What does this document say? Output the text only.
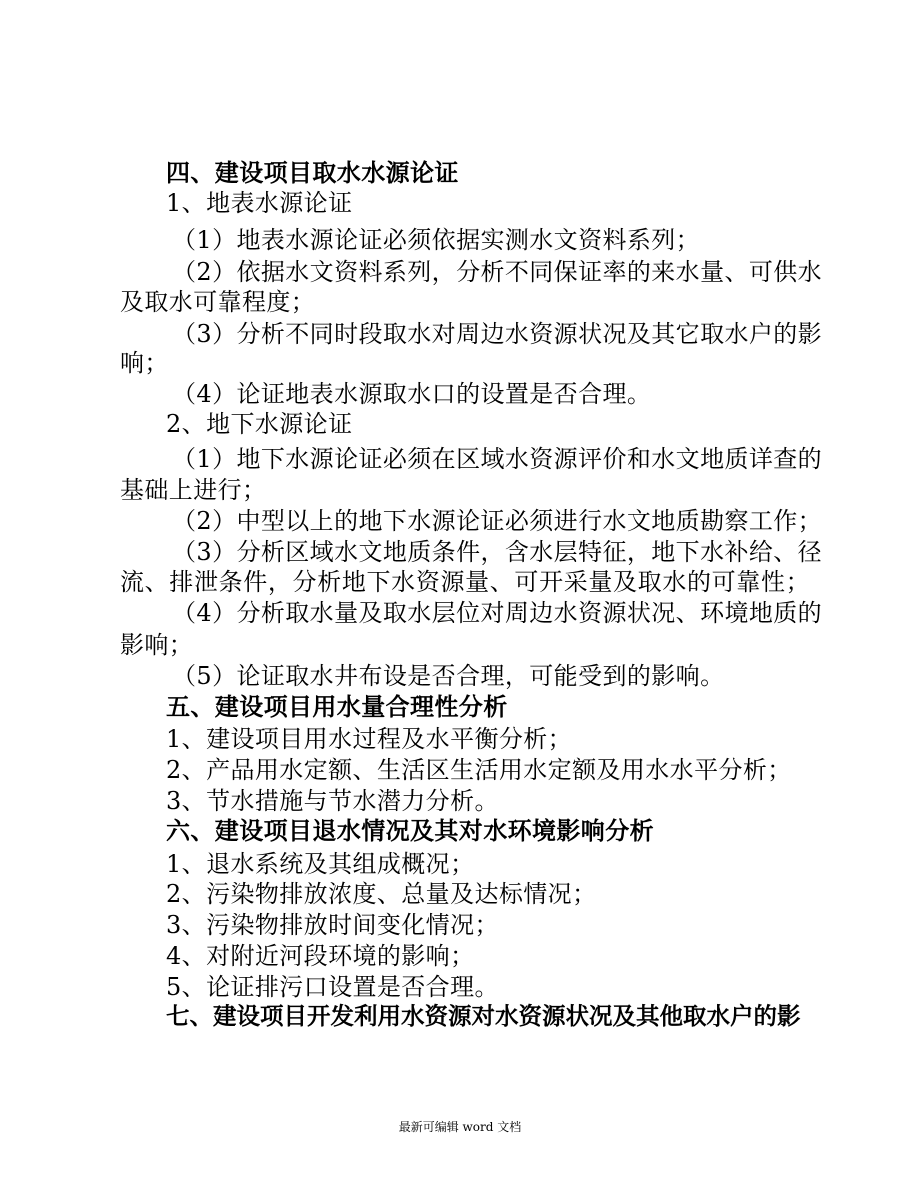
四、建设项目取水水源论证
1、地表水源论证
（1）地表水源论证必须依据实测水文资料系列；
（2）依据水文资料系列，分析不同保证率的来水量、可供水
及取水可靠程度；
（3）分析不同时段取水对周边水资源状况及其它取水户的影
响；
（4）论证地表水源取水口的设置是否合理。
2、地下水源论证
（1）地下水源论证必须在区域水资源评价和水文地质详查的
基础上进行；
（2）中型以上的地下水源论证必须进行水文地质勘察工作；
（3）分析区域水文地质条件，含水层特征，地下水补给、径
流、排泄条件，分析地下水资源量、可开采量及取水的可靠性；
（4）分析取水量及取水层位对周边水资源状况、环境地质的
影响；
（5）论证取水井布设是否合理，可能受到的影响。
五、建设项目用水量合理性分析
1、建设项目用水过程及水平衡分析；
2、产品用水定额、生活区生活用水定额及用水水平分析；
3、节水措施与节水潜力分析。
六、建设项目退水情况及其对水环境影响分析
1、退水系统及其组成概况；
2、污染物排放浓度、总量及达标情况；
3、污染物排放时间变化情况；
4、对附近河段环境的影响；
5、论证排污口设置是否合理。
七、建设项目开发利用水资源对水资源状况及其他取水户的影
最新可编辑 word 文档
